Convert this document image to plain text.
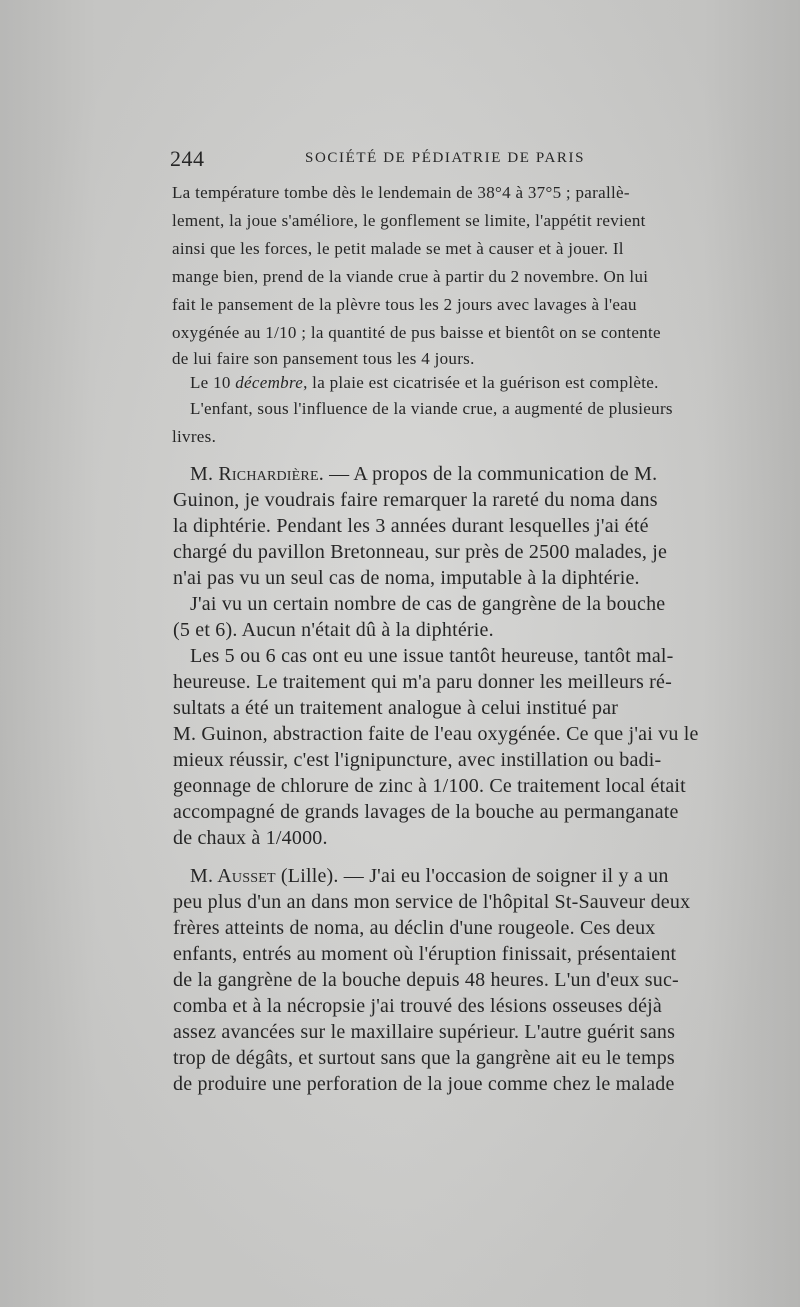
244	SOCIÉTÉ DE PÉDIATRIE DE PARIS
La température tombe dès le lendemain de 38°4 à 37°5 ; parallè-
lement, la joue s'améliore, le gonflement se limite, l'appétit revient
ainsi que les forces, le petit malade se met à causer et à jouer. Il
mange bien, prend de la viande crue à partir du 2 novembre. On lui
fait le pansement de la plèvre tous les 2 jours avec lavages à l'eau
oxygénée au 1/10 ; la quantité de pus baisse et bientôt on se contente
de lui faire son pansement tous les 4 jours.
Le 10 décembre, la plaie est cicatrisée et la guérison est complète.
L'enfant, sous l'influence de la viande crue, a augmenté de plusieurs
livres.
M. Richardière. — A propos de la communication de M.
Guinon, je voudrais faire remarquer la rareté du noma dans
la diphtérie. Pendant les 3 années durant lesquelles j'ai été
chargé du pavillon Bretonneau, sur près de 2500 malades, je
n'ai pas vu un seul cas de noma, imputable à la diphtérie.
J'ai vu un certain nombre de cas de gangrène de la bouche
(5 et 6). Aucun n'était dû à la diphtérie.
Les 5 ou 6 cas ont eu une issue tantôt heureuse, tantôt mal-
heureuse. Le traitement qui m'a paru donner les meilleurs ré-
sultats a été un traitement analogue à celui institué par
M. Guinon, abstraction faite de l'eau oxygénée. Ce que j'ai vu le
mieux réussir, c'est l'ignipuncture, avec instillation ou badi-
geonnage de chlorure de zinc à 1/100. Ce traitement local était
accompagné de grands lavages de la bouche au permanganate
de chaux à 1/4000.
M. Ausset (Lille). — J'ai eu l'occasion de soigner il y a un
peu plus d'un an dans mon service de l'hôpital St-Sauveur deux
frères atteints de noma, au déclin d'une rougeole. Ces deux
enfants, entrés au moment où l'éruption finissait, présentaient
de la gangrène de la bouche depuis 48 heures. L'un d'eux suc-
comba et à la nécropsie j'ai trouvé des lésions osseuses déjà
assez avancées sur le maxillaire supérieur. L'autre guérit sans
trop de dégâts, et surtout sans que la gangrène ait eu le temps
de produire une perforation de la joue comme chez le malade
